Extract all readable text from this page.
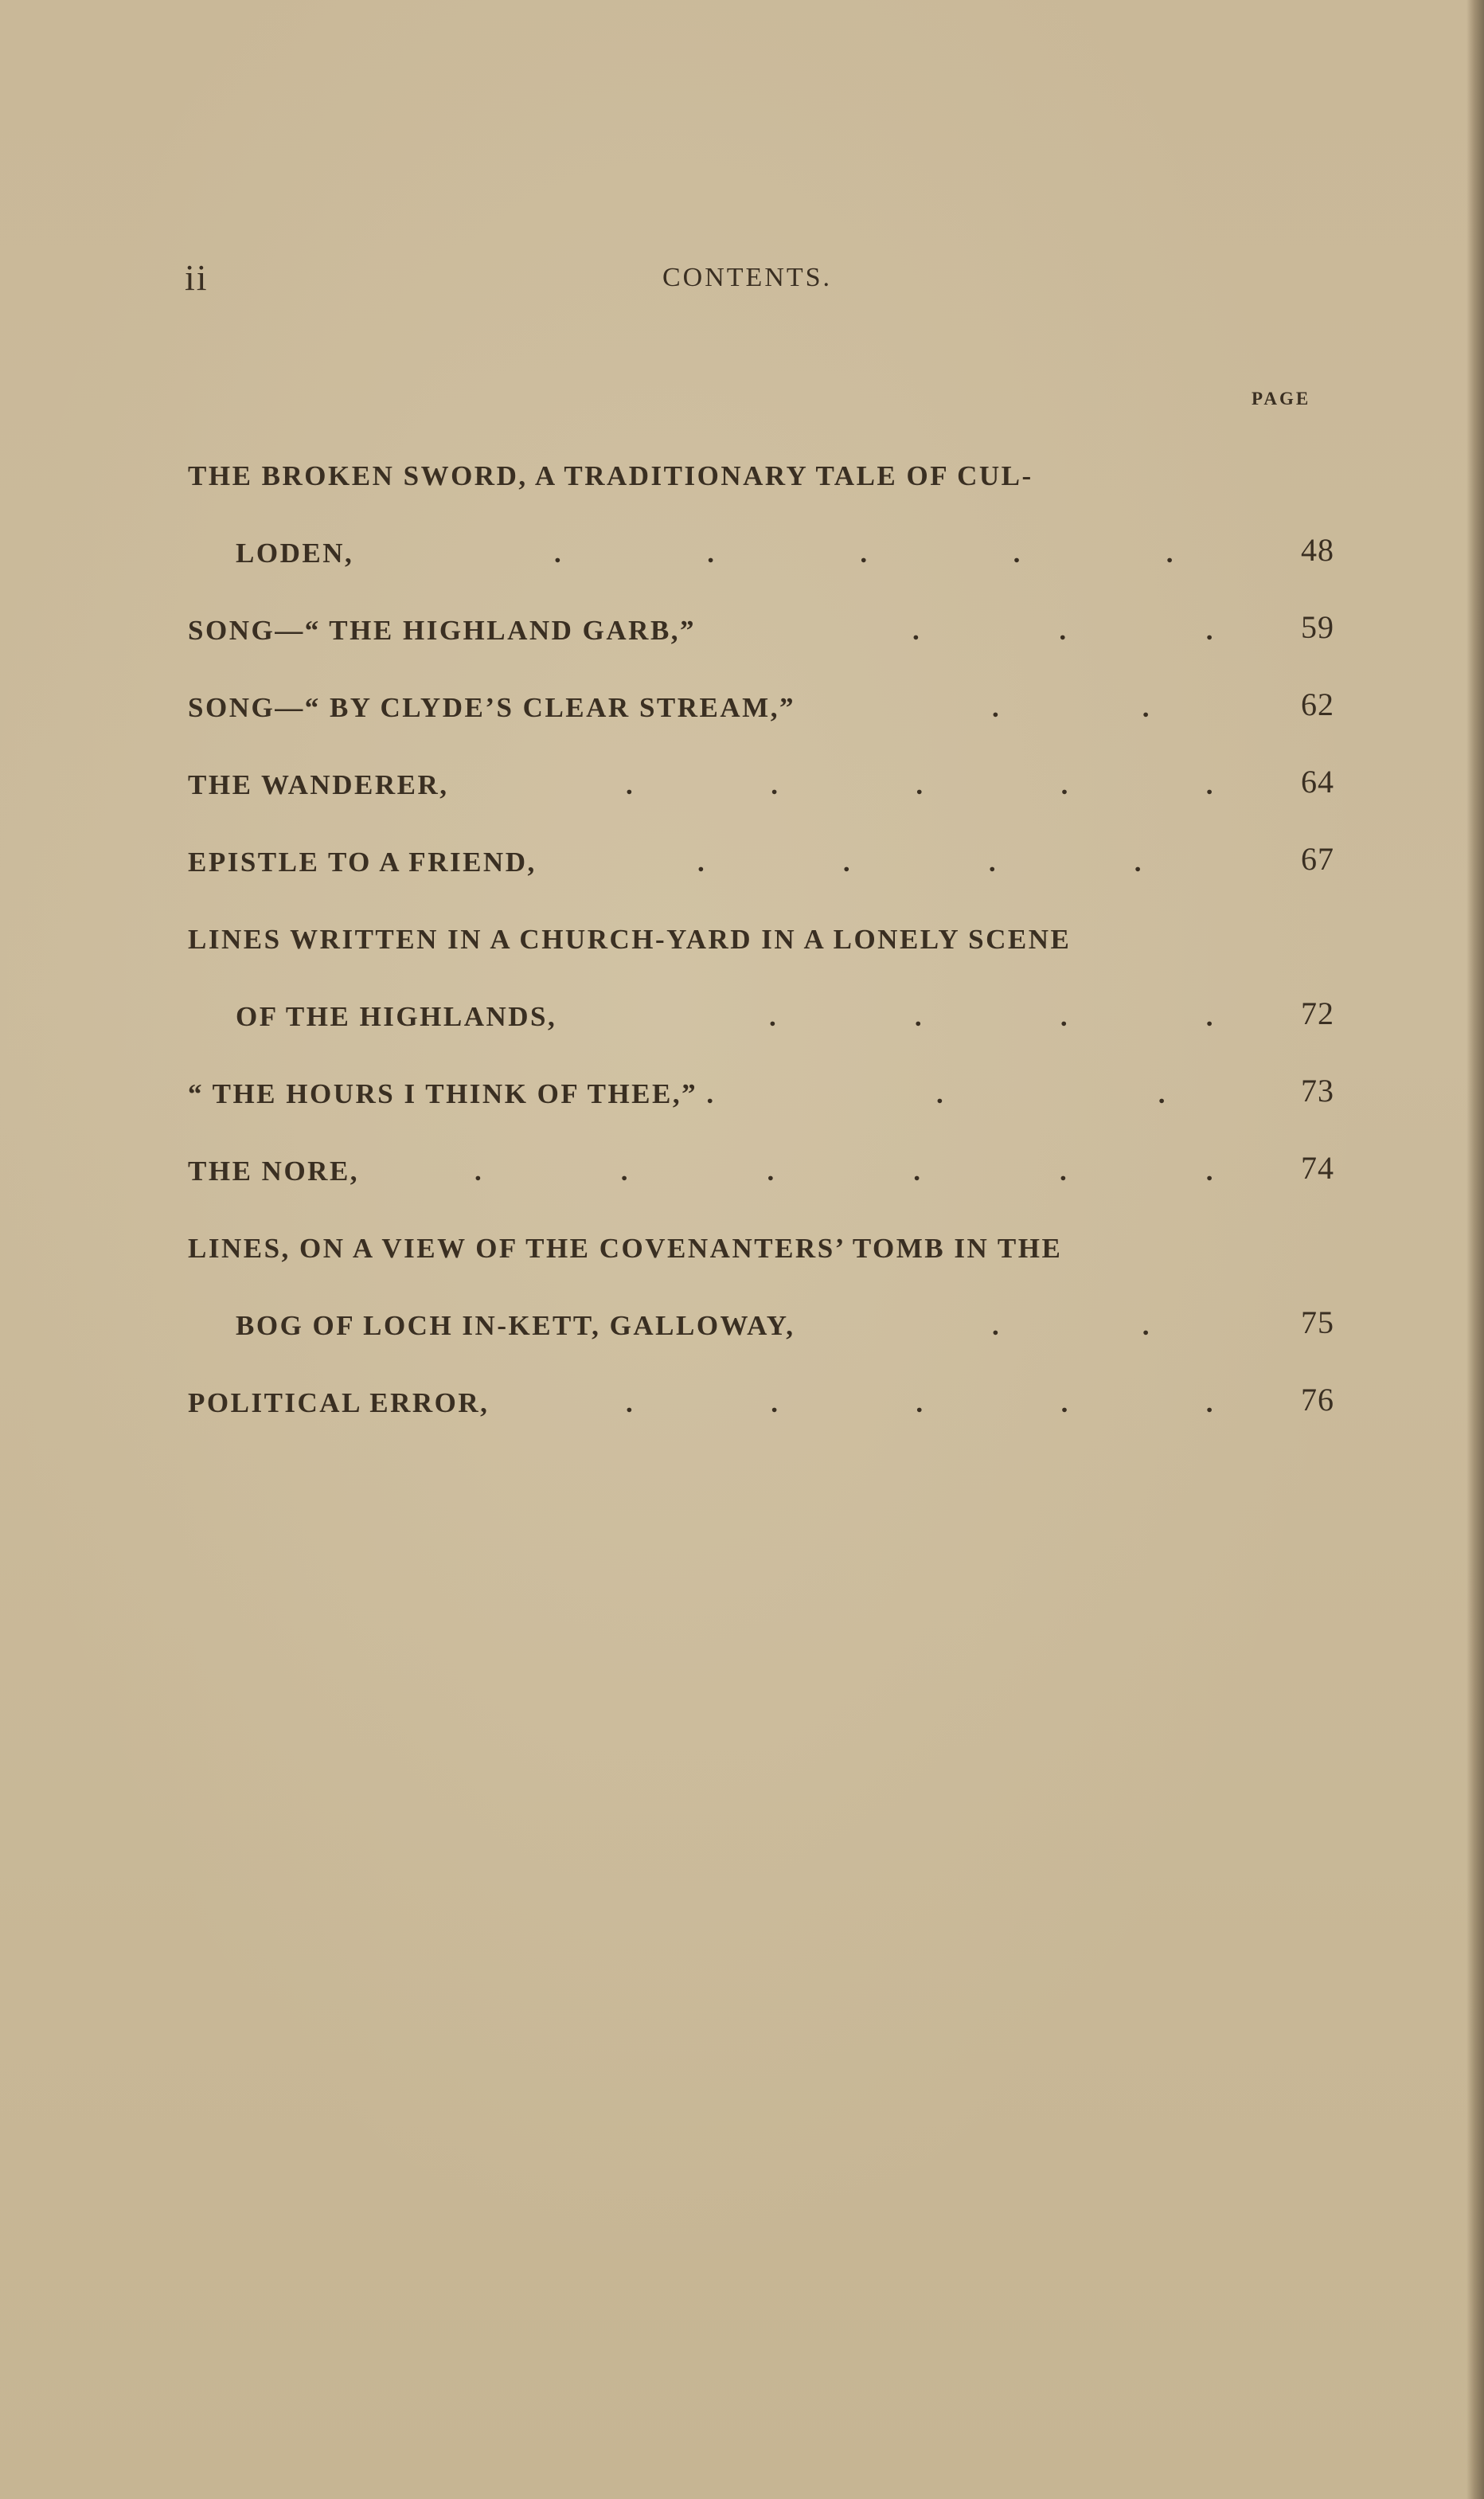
ii	CONTENTS.
PAGE
THE BROKEN SWORD, A TRADITIONARY TALE OF CUL-
LODEN,	.	.	.	.	.	48
SONG—“ THE HIGHLAND GARB,”	.	.	.	59
SONG—“ BY CLYDE’S CLEAR STREAM,”	.	.	62
THE WANDERER,	.	.	.	.	.	64
EPISTLE TO A FRIEND,	.	.	.	.	67
LINES WRITTEN IN A CHURCH-YARD IN A LONELY SCENE
OF THE HIGHLANDS,	.	.	.	.	72
“ THE HOURS I THINK OF THEE,” .	.	.	73
THE NORE,	.	.	.	.	.	.	74
LINES, ON A VIEW OF THE COVENANTERS’ TOMB IN THE
BOG OF LOCH IN-KETT, GALLOWAY,	.	.	75
POLITICAL ERROR,	.	.	.	.	.	76
